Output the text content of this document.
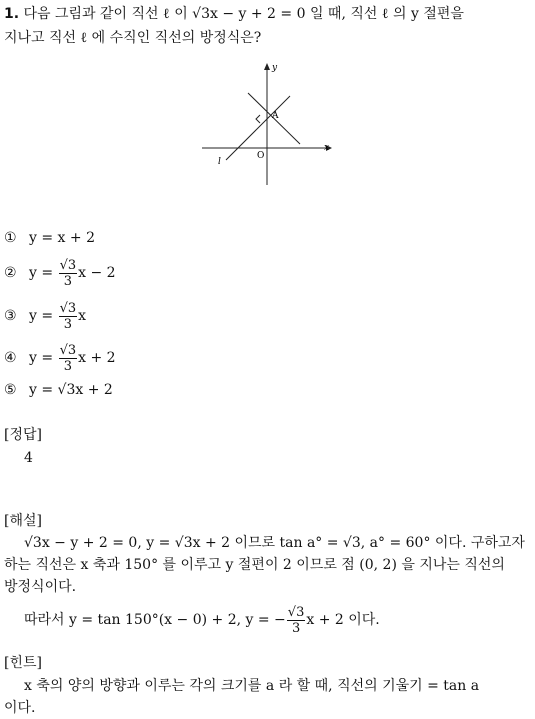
1. 다음 그림과 같이 직선 ℓ 이 √3x − y + 2 = 0 일 때, 직선 ℓ 의 y 절편을
지나고 직선 ℓ 에 수직인 직선의 방정식은?
y
x
O
A
l
① y = x + 2
② $y = \frac{√3}{3}$ x − 2
③ $y = \frac{√3}{3}$ x
④ $y = \frac{√3}{3}$ x + 2
⑤ y = √3x + 2
[정답]
4
[해설]
√3x − y + 2 = 0, y = √3x + 2 이므로 tan a° = √3, a° = 60° 이다. 구하고자
하는 직선은 x 축과 150° 를 이루고 y 절편이 2 이므로 점 (0, 2) 을 지나는 직선의
방정식이다.
따라서 y = tan 150°(x − 0) + 2, y = − $\frac{√3}{3}$ x + 2 이다.
[힌트]
x 축의 양의 방향과 이루는 각의 크기를 a 라 할 때, 직선의 기울기 = tan a
이다.
